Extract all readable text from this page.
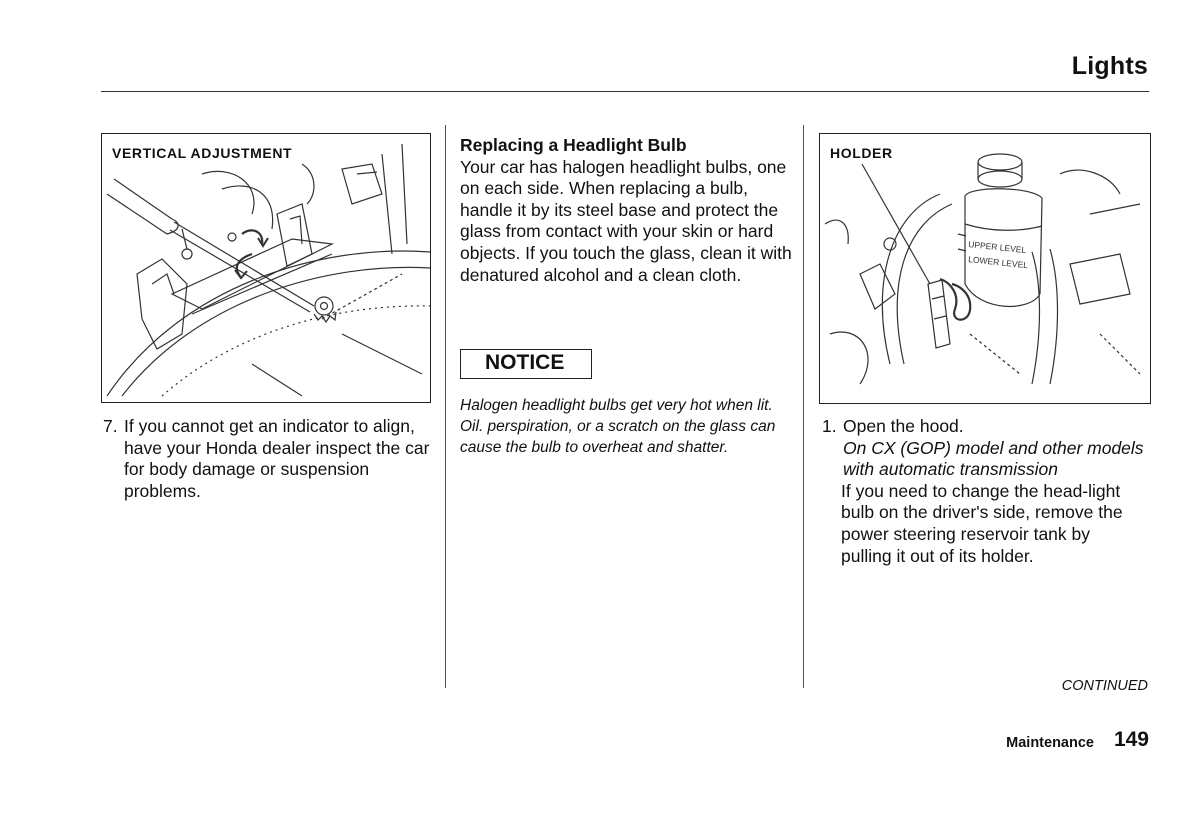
Lights
VERTICAL ADJUSTMENT
7. If you cannot get an indicator to align, have your Honda dealer inspect the car for body damage or suspension problems.
Replacing a Headlight Bulb
Your car has halogen headlight bulbs, one on each side. When replacing a bulb, handle it by its steel base and protect the glass from contact with your skin or hard objects. If you touch the glass, clean it with denatured alcohol and a clean cloth.
NOTICE
Halogen headlight bulbs get very hot when lit. Oil. perspiration, or a scratch on the glass can cause the bulb to overheat and shatter.
UPPER LEVEL
LOWER LEVEL
HOLDER
1. Open the hood.
On CX (GOP) model and other models with automatic transmission
If you need to change the head-light bulb on the driver's side, remove the power steering reservoir tank by pulling it out of its holder.
CONTINUED
Maintenance 149
